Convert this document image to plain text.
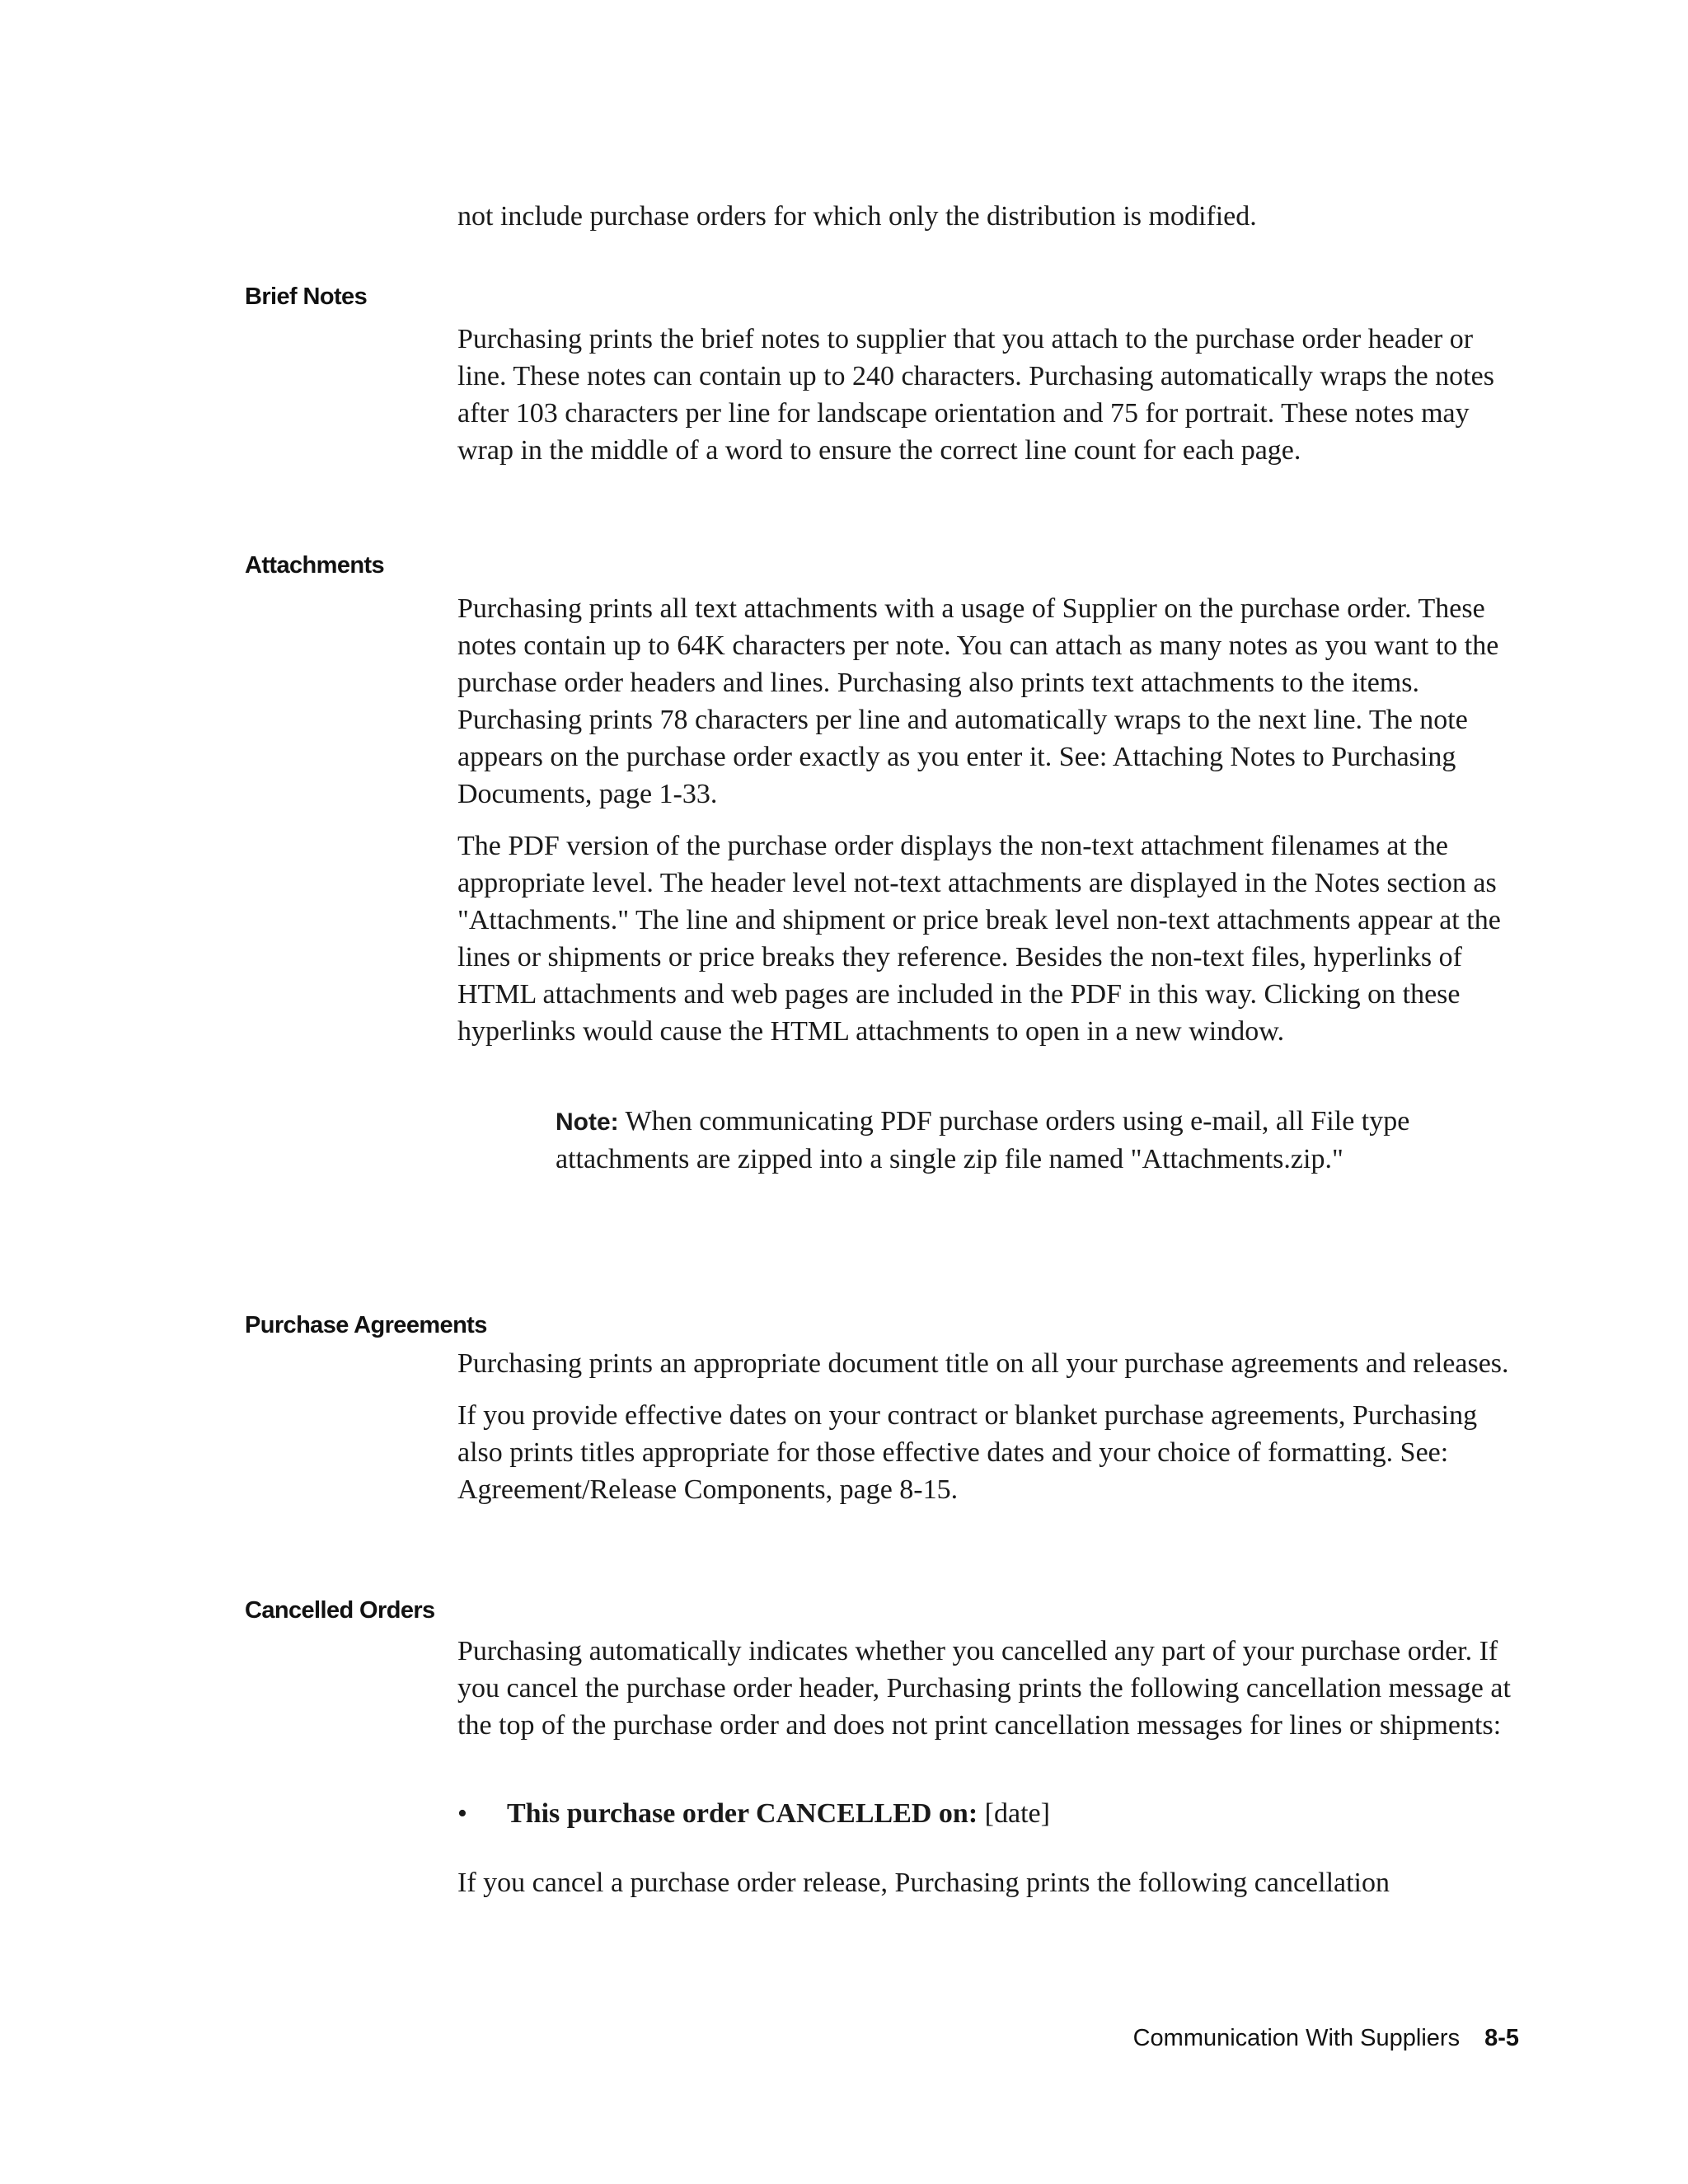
not include purchase orders for which only the distribution is modified.

Brief Notes

Purchasing prints the brief notes to supplier that you attach to the purchase order header or line. These notes can contain up to 240 characters. Purchasing automatically wraps the notes after 103 characters per line for landscape orientation and 75 for portrait. These notes may wrap in the middle of a word to ensure the correct line count for each page.

Attachments

Purchasing prints all text attachments with a usage of Supplier on the purchase order. These notes contain up to 64K characters per note. You can attach as many notes as you want to the purchase order headers and lines. Purchasing also prints text attachments to the items. Purchasing prints 78 characters per line and automatically wraps to the next line. The note appears on the purchase order exactly as you enter it. See: Attaching Notes to Purchasing Documents, page 1-33.

The PDF version of the purchase order displays the non-text attachment filenames at the appropriate level. The header level not-text attachments are displayed in the Notes section as "Attachments." The line and shipment or price break level non-text attachments appear at the lines or shipments or price breaks they reference. Besides the non-text files, hyperlinks of HTML attachments and web pages are included in the PDF in this way. Clicking on these hyperlinks would cause the HTML attachments to open in a new window.

Note: When communicating PDF purchase orders using e-mail, all File type attachments are zipped into a single zip file named "Attachments.zip."
Purchase Agreements

Purchasing prints an appropriate document title on all your purchase agreements and releases.

If you provide effective dates on your contract or blanket purchase agreements, Purchasing also prints titles appropriate for those effective dates and your choice of formatting. See: Agreement/Release Components, page 8-15.

Cancelled Orders

Purchasing automatically indicates whether you cancelled any part of your purchase order. If you cancel the purchase order header, Purchasing prints the following cancellation message at the top of the purchase order and does not print cancellation messages for lines or shipments:

•	This purchase order CANCELLED on: [date]

If you cancel a purchase order release, Purchasing prints the following cancellation

Communication With Suppliers 8-5
